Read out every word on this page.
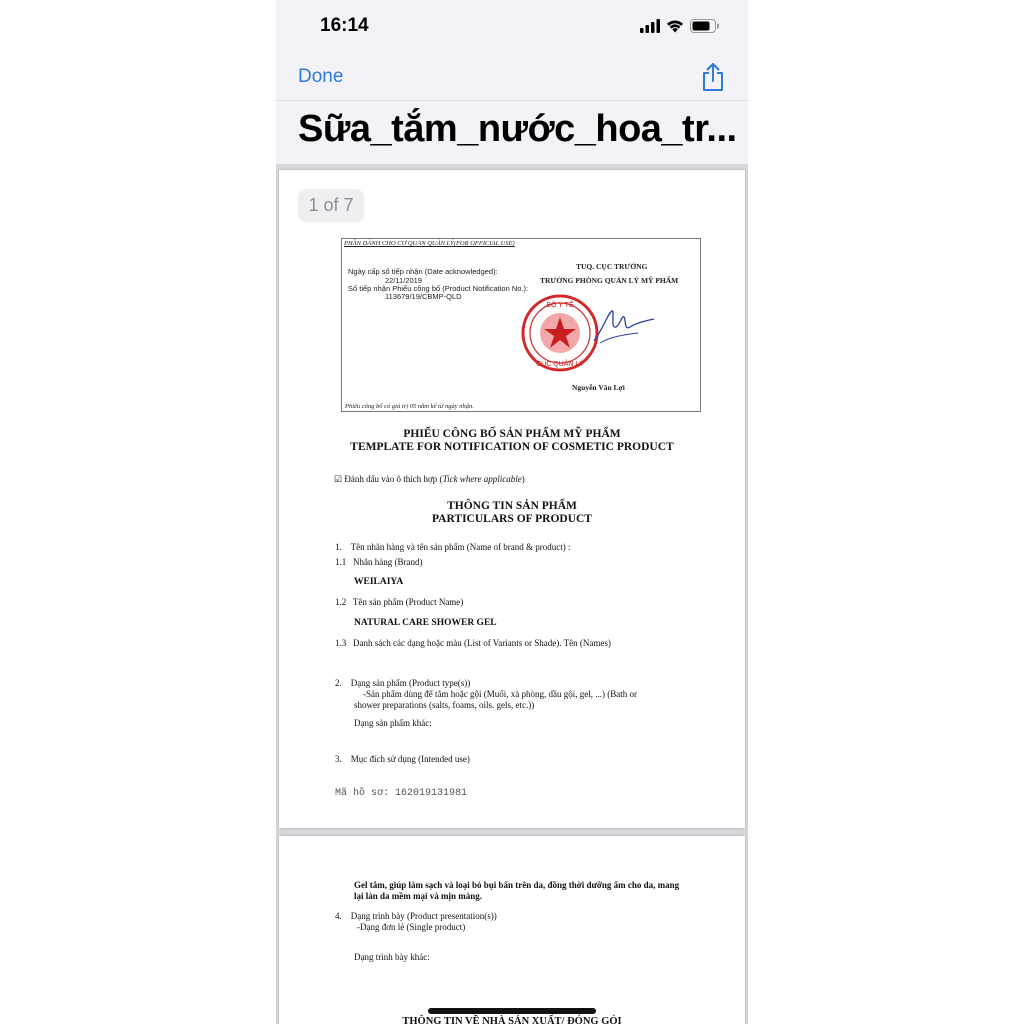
16:14
Done
Sữa_tắm_nước_hoa_tr...
1 of 7
PHẦN DÀNH CHO CƠ QUAN QUẢN LÝ(FOR OFFICIAL USE)
Ngày cấp số tiếp nhận (Date acknowledged):
22/11/2019
Số tiếp nhận Phiếu công bố (Product Notification No.):
113679/19/CBMP-QLD
TUQ. CỤC TRƯỞNG
TRƯỞNG PHÒNG QUẢN LÝ MỸ PHẨM
BỘ Y TẾ
CỤC QUẢN LÝ
Nguyễn Văn Lợi
Phiếu công bố có giá trị 05 năm kể từ ngày nhận.
PHIẾU CÔNG BỐ SẢN PHẨM MỸ PHẨM
TEMPLATE FOR NOTIFICATION OF COSMETIC PRODUCT
☑ Đánh dấu vào ô thích hợp (Tick where applicable)
THÔNG TIN SẢN PHẨM
PARTICULARS OF PRODUCT
1.    Tên nhãn hàng và tên sản phẩm (Name of brand & product) :
1.1   Nhãn hàng (Brand)
WEILAIYA
1.2   Tên sản phẩm (Product Name)
NATURAL CARE SHOWER GEL
1.3   Danh sách các dạng hoặc màu (List of Variants or Shade). Tên (Names)
2.    Dạng sản phẩm (Product type(s))
-Sản phẩm dùng để tắm hoặc gội (Muối, xà phòng, dầu gội, gel, ...) (Bath or
shower preparations (salts, foams, oils. gels, etc.))
Dạng sản phẩm khác:
3.    Mục đích sử dụng (Intended use)
Mã hồ sơ: 162019131981
Gel tắm, giúp làm sạch và loại bỏ bụi bẩn trên da, đồng thời dưỡng ẩm cho da, mang
lại làn da mềm mại và mịn màng.
4.    Dạng trình bày (Product presentation(s))
-Dạng đơn lẻ (Single product)
Dạng trình bày khác:
THÔNG TIN VỀ NHÀ SẢN XUẤT/ ĐÓNG GÓI
